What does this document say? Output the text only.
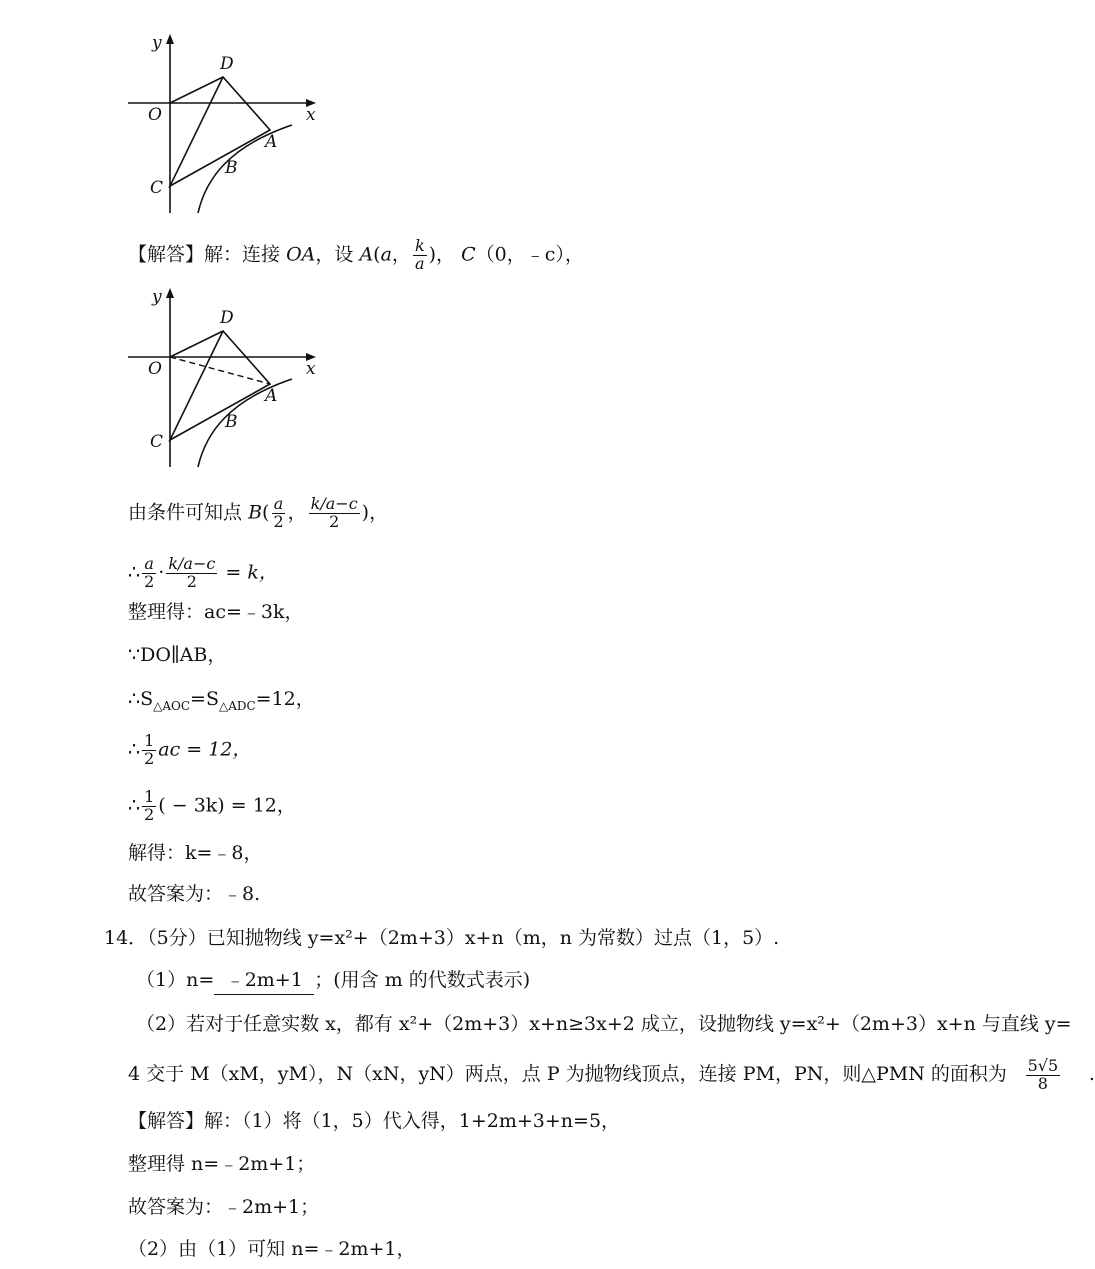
y
x
O
D
A
B
C
【解答】解：连接 OA，设 A(a， $\frac{k}{a}$ )， C（0，﹣c），
y
x
O
D
A
B
C
由条件可知点 $B( \frac{a}{2}$ ， $\frac{k/a-c}{2}$ )，
∴ $\frac{a}{2} \cdot \frac{k/a-c}{2} = k$，
整理得：ac=﹣3k，
∵DO∥AB，
$\therefore S_{\triangle AOC}=S_{\triangle ADC}=12$，
∴ $\frac{1}{2}$ ac = 12，
∴ $\frac{1}{2}$ ( − 3k) = 12，
解得：k=﹣8，
故答案为：﹣8.
14．（5分）已知抛物线 y=x²+（2m+3）x+n（m，n 为常数）过点（1，5）.
（1）n= ﹣2m+1 ；(用含 m 的代数式表示)
（2）若对于任意实数 x，都有 x²+（2m+3）x+n≥3x+2 成立，设抛物线 y=x²+（2m+3）x+n 与直线 y=
4 交于 M（xM，yM），N（xN，yN）两点，点 P 为抛物线顶点，连接 PM，PN，则△PMN 的面积为 $\frac{5√5}{8}$ .
【解答】解：（1）将（1，5）代入得，1+2m+3+n=5，
整理得 n=﹣2m+1；
故答案为：﹣2m+1；
（2）由（1）可知 n=﹣2m+1，
